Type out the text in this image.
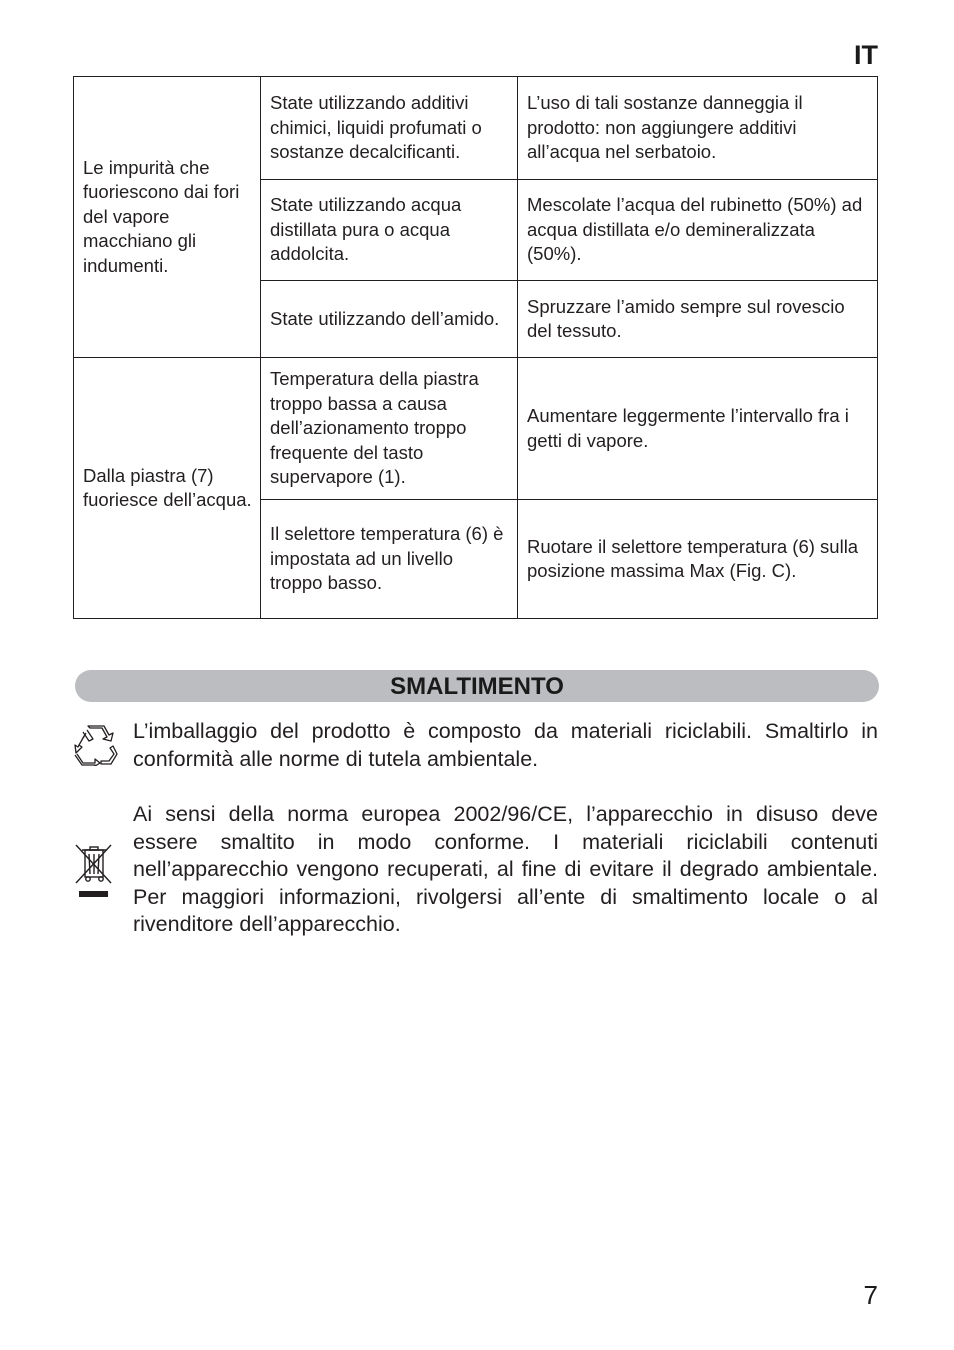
IT
Le impurità che fuoriescono dai fori del vapore macchiano gli indumenti.	State utilizzando additivi chimici, liquidi profumati o sostanze decalcificanti.	L’uso di tali sostanze danneggia il prodotto: non aggiungere additivi all’acqua nel serbatoio.
	State utilizzando acqua distillata pura o acqua addolcita.	Mescolate l’acqua del rubinetto (50%) ad acqua distillata e/o demineralizzata (50%).
	State utilizzando dell’amido.	Spruzzare l’amido sempre sul rovescio del tessuto.
Dalla piastra (7) fuoriesce dell’acqua.	Temperatura della piastra troppo bassa a causa dell’azionamento troppo frequente del tasto supervapore (1).	Aumentare leggermente l’intervallo fra i getti di vapore.
	Il selettore temperatura (6) è impostata ad un livello troppo basso.	Ruotare il selettore temperatura (6) sulla posizione massima Max (Fig. C).
SMALTIMENTO
L’imballaggio del prodotto è composto da materiali riciclabili. Smaltirlo in conformità alle norme di tutela ambientale.
Ai sensi della norma europea 2002/96/CE, l’apparecchio in disuso deve essere smaltito in modo conforme. I materiali riciclabili contenuti nell’apparecchio vengono recuperati, al fine di evitare il degrado ambientale. Per maggiori informazioni, rivolgersi all’ente di smaltimento locale o al rivenditore dell’apparecchio.
7
